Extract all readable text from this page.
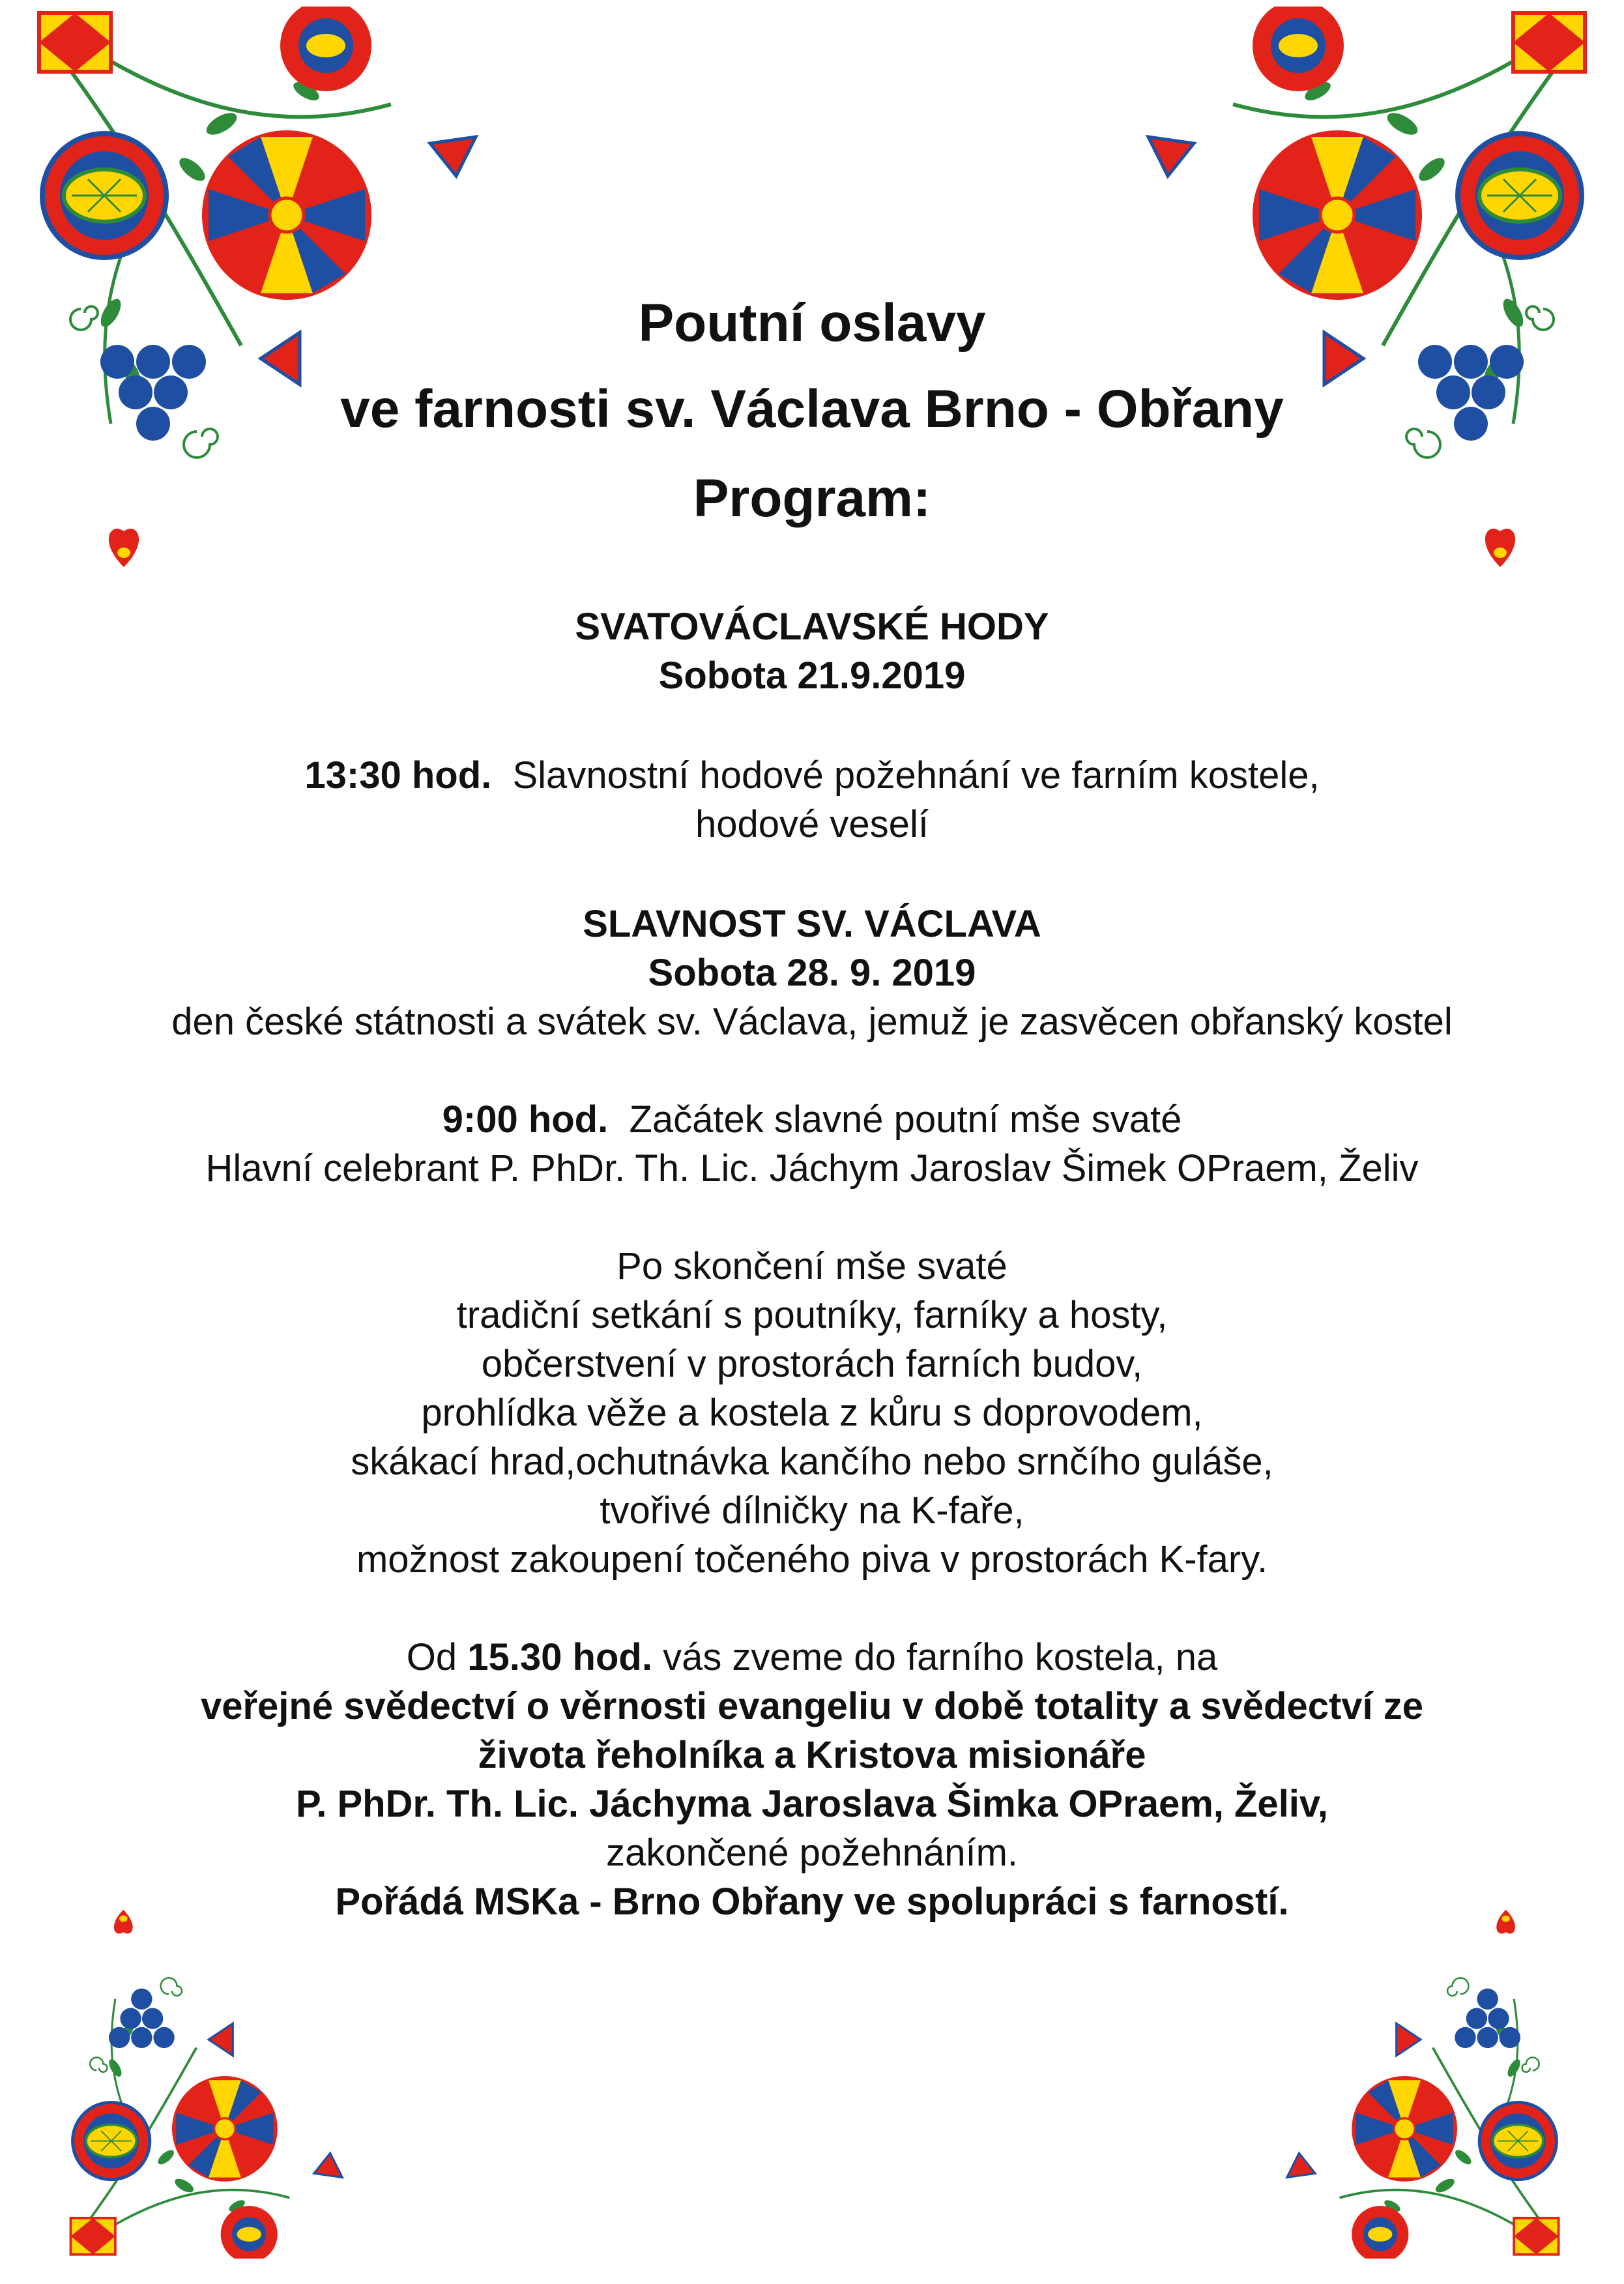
Poutní oslavy
ve farnosti sv. Václava Brno - Obřany
Program:
SVATOVÁCLAVSKÉ HODY
Sobota 21.9.2019
13:30 hod. Slavnostní hodové požehnání ve farním kostele,
hodové veselí
SLAVNOST SV. VÁCLAVA
Sobota 28. 9. 2019
den české státnosti a svátek sv. Václava, jemuž je zasvěcen obřanský kostel
9:00 hod. Začátek slavné poutní mše svaté
Hlavní celebrant P. PhDr. Th. Lic. Jáchym Jaroslav Šimek OPraem, Želiv
Po skončení mše svaté
tradiční setkání s poutníky, farníky a hosty,
občerstvení v prostorách farních budov,
prohlídka věže a kostela z kůru s doprovodem,
skákací hrad,ochutnávka kančího nebo srnčího guláše,
tvořivé dílničky na K-faře,
možnost zakoupení točeného piva v prostorách K-fary.
Od 15.30 hod. vás zveme do farního kostela, na
veřejné svědectví o věrnosti evangeliu v době totality a svědectví ze
života řeholníka a Kristova misionáře
P. PhDr. Th. Lic. Jáchyma Jaroslava Šimka OPraem, Želiv,
zakončené požehnáním.
Pořádá MSKa - Brno Obřany ve spolupráci s farností.
